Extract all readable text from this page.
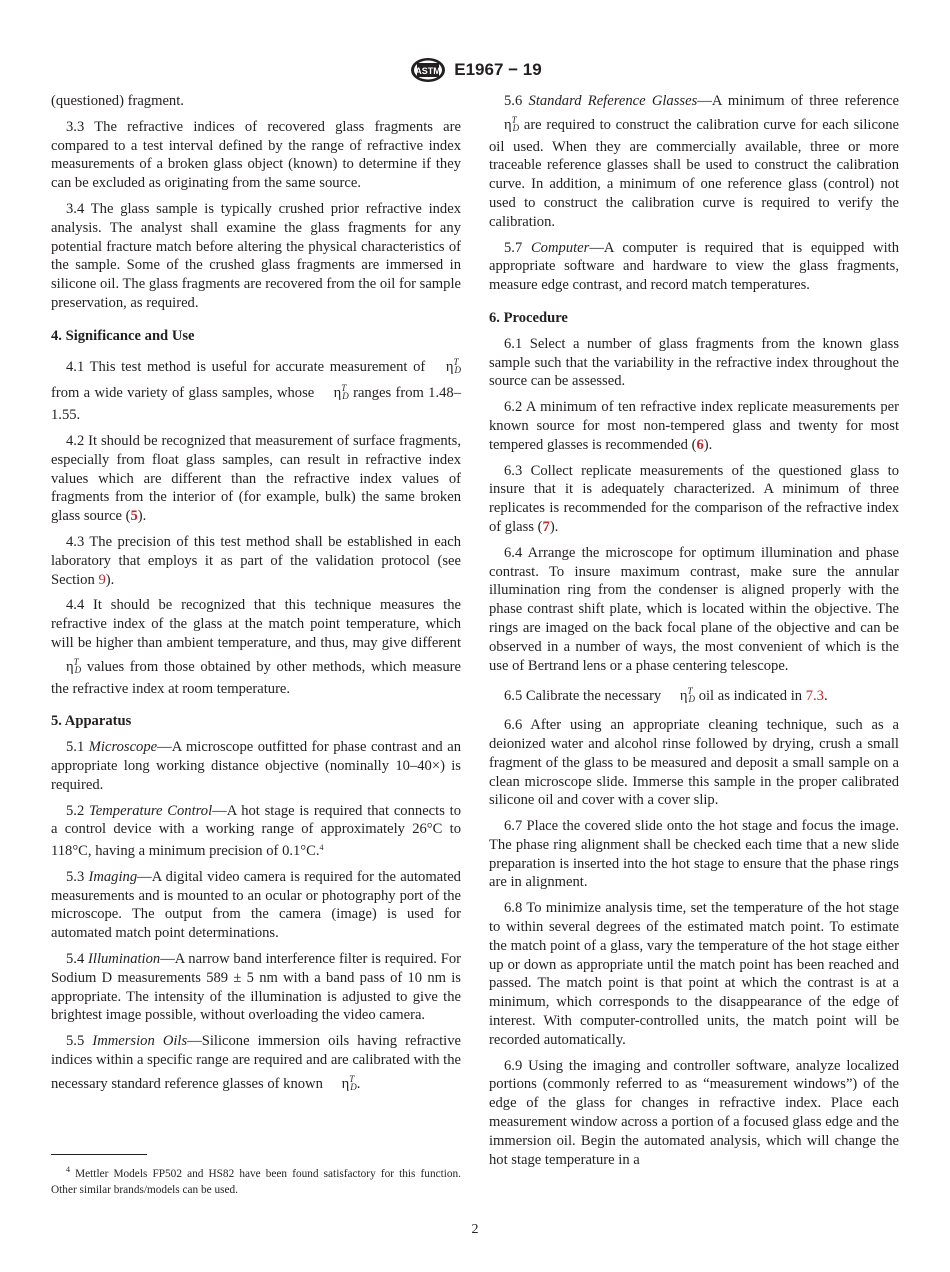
ASTM E1967 − 19

(questioned) fragment.

3.3 The refractive indices of recovered glass fragments are compared to a test interval defined by the range of refractive index measurements of a broken glass object (known) to determine if they can be excluded as originating from the same source.

3.4 The glass sample is typically crushed prior refractive index analysis. The analyst shall examine the glass fragments for any potential fracture match before altering the physical characteristics of the sample. Some of the crushed glass fragments are immersed in silicone oil. The glass fragments are recovered from the oil for sample preservation, as required.

4. Significance and Use

4.1 This test method is useful for accurate measurement of $\eta^T_D$ from a wide variety of glass samples, whose $\eta^T_D$ ranges from 1.48–1.55.

4.2 It should be recognized that measurement of surface fragments, especially from float glass samples, can result in refractive index values which are different than the refractive index values of fragments from the interior of (for example, bulk) the same broken glass source (5).

4.3 The precision of this test method shall be established in each laboratory that employs it as part of the validation protocol (see Section 9).

4.4 It should be recognized that this technique measures the refractive index of the glass at the match point temperature, which will be higher than ambient temperature, and thus, may give different $\eta^T_D$ values from those obtained by other methods, which measure the refractive index at room temperature.

5. Apparatus

5.1 Microscope—A microscope outfitted for phase contrast and an appropriate long working distance objective (nominally 10–40×) is required.

5.2 Temperature Control—A hot stage is required that connects to a control device with a working range of approximately 26°C to 118°C, having a minimum precision of 0.1°C.$^4$

5.3 Imaging—A digital video camera is required for the automated measurements and is mounted to an ocular or photography port of the microscope. The output from the camera (image) is used for automated match point determinations.

5.4 Illumination—A narrow band interference filter is required. For Sodium D measurements 589 ± 5 nm with a band pass of 10 nm is appropriate. The intensity of the illumination is adjusted to give the brightest image possible, without overloading the video camera.

5.5 Immersion Oils—Silicone immersion oils having refractive indices within a specific range are required and are calibrated with the necessary standard reference glasses of known $\eta^T_D$.

$^4$ Mettler Models FP502 and HS82 have been found satisfactory for this function. Other similar brands/models can be used.

5.6 Standard Reference Glasses—A minimum of three reference $\eta^T_D$ are required to construct the calibration curve for each silicone oil used. When they are commercially available, three or more traceable reference glasses shall be used to construct the calibration curve. In addition, a minimum of one reference glass (control) not used to construct the calibration curve is required to verify the calibration.

5.7 Computer—A computer is required that is equipped with appropriate software and hardware to view the glass fragments, measure edge contrast, and record match temperatures.

6. Procedure

6.1 Select a number of glass fragments from the known glass sample such that the variability in the refractive index throughout the source can be assessed.

6.2 A minimum of ten refractive index replicate measurements per known source for most non-tempered glass and twenty for most tempered glasses is recommended (6).

6.3 Collect replicate measurements of the questioned glass to insure that it is adequately characterized. A minimum of three replicates is recommended for the comparison of the refractive index of glass (7).

6.4 Arrange the microscope for optimum illumination and phase contrast. To insure maximum contrast, make sure the annular illumination ring from the condenser is aligned properly with the phase contrast shift plate, which is located within the objective. The rings are imaged on the back focal plane of the objective and can be observed in a number of ways, the most convenient of which is the use of Bertrand lens or a phase centering telescope.

6.5 Calibrate the necessary $\eta^T_D$ oil as indicated in 7.3.

6.6 After using an appropriate cleaning technique, such as a deionized water and alcohol rinse followed by drying, crush a small fragment of the glass to be measured and deposit a small sample on a clean microscope slide. Immerse this sample in the proper calibrated silicone oil and cover with a cover slip.

6.7 Place the covered slide onto the hot stage and focus the image. The phase ring alignment shall be checked each time that a new slide preparation is inserted into the hot stage to ensure that the phase rings are in alignment.

6.8 To minimize analysis time, set the temperature of the hot stage to within several degrees of the estimated match point. To estimate the match point of a glass, vary the temperature of the hot stage either up or down as appropriate until the match point has been reached and passed. The match point is that point at which the contrast is at a minimum, which corresponds to the disappearance of the edge of interest. With computer-controlled units, the match point will be recorded automatically.

6.9 Using the imaging and controller software, analyze localized portions (commonly referred to as “measurement windows”) of the edge of the glass for changes in refractive index. Place each measurement window across a portion of a focused glass edge and the immersion oil. Begin the automated analysis, which will change the hot stage temperature in a

2
